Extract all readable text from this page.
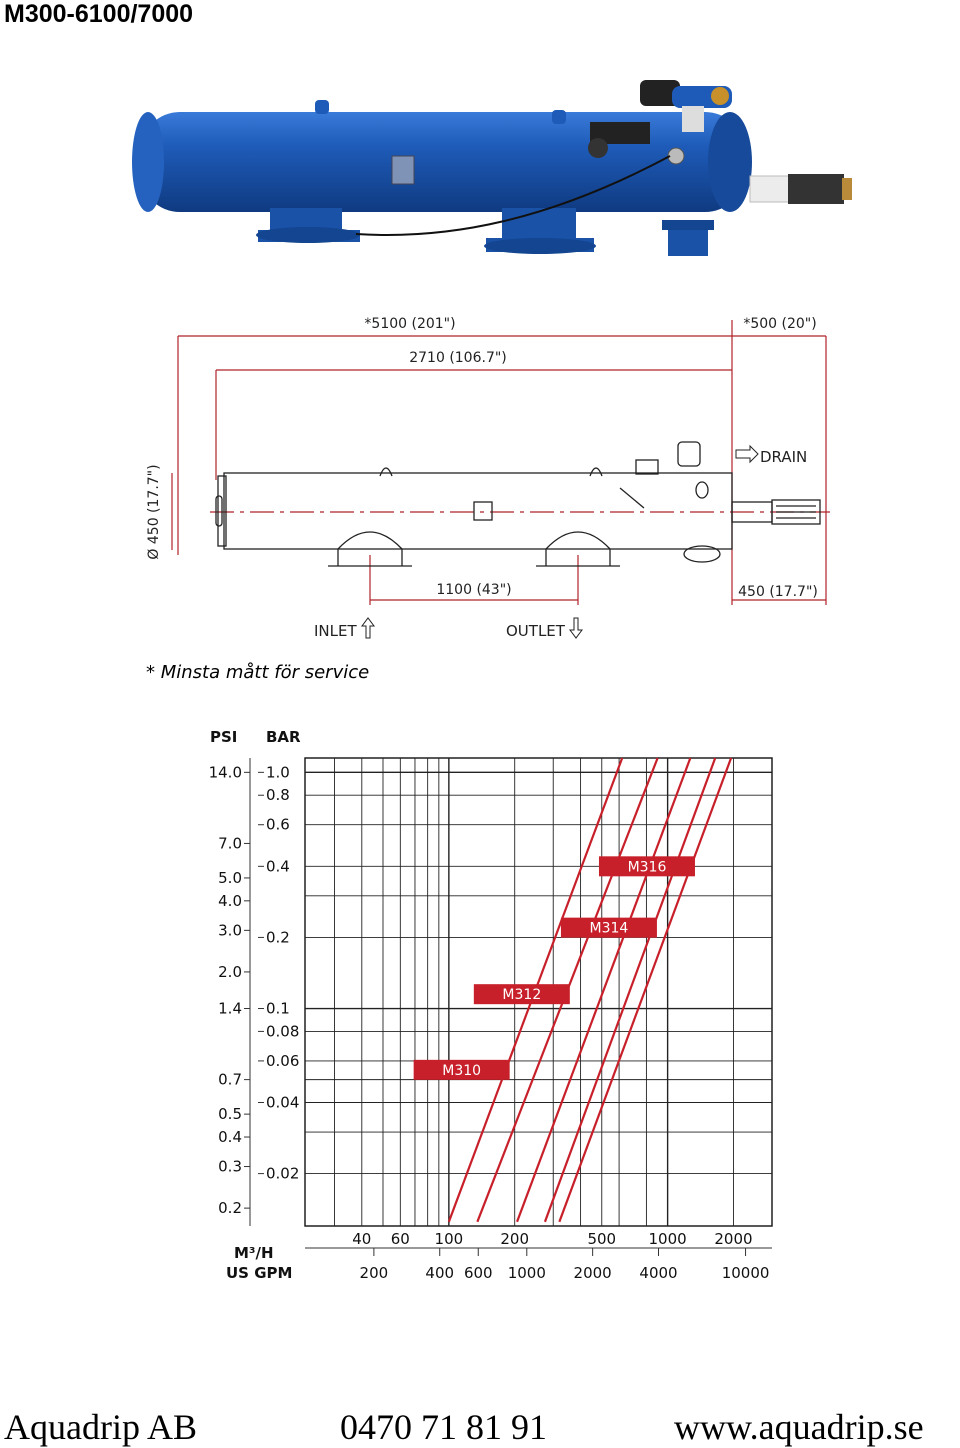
M300-6100/7000
*5100 (201")	*500 (20")
2710 (106.7")
Ø 450 (17.7")
1100 (43")	450 (17.7")
DRAIN
INLET	OUTLET
* Minsta mått för service
PSI BAR
M³/H
US GPM
14.0
7.0
5.0
4.0
3.0
2.0
1.4
0.7
0.5
0.4
0.3
0.2
1.0
0.8
0.6
0.4
0.2
0.1
0.08
0.06
0.04
0.02
40 60 100 200	500 1000 2000
200 400 600 1000 2000 4000	10000
M310
M312
M314
M316
Aquadrip AB	0470 71 81 91	www.aquadrip.se
